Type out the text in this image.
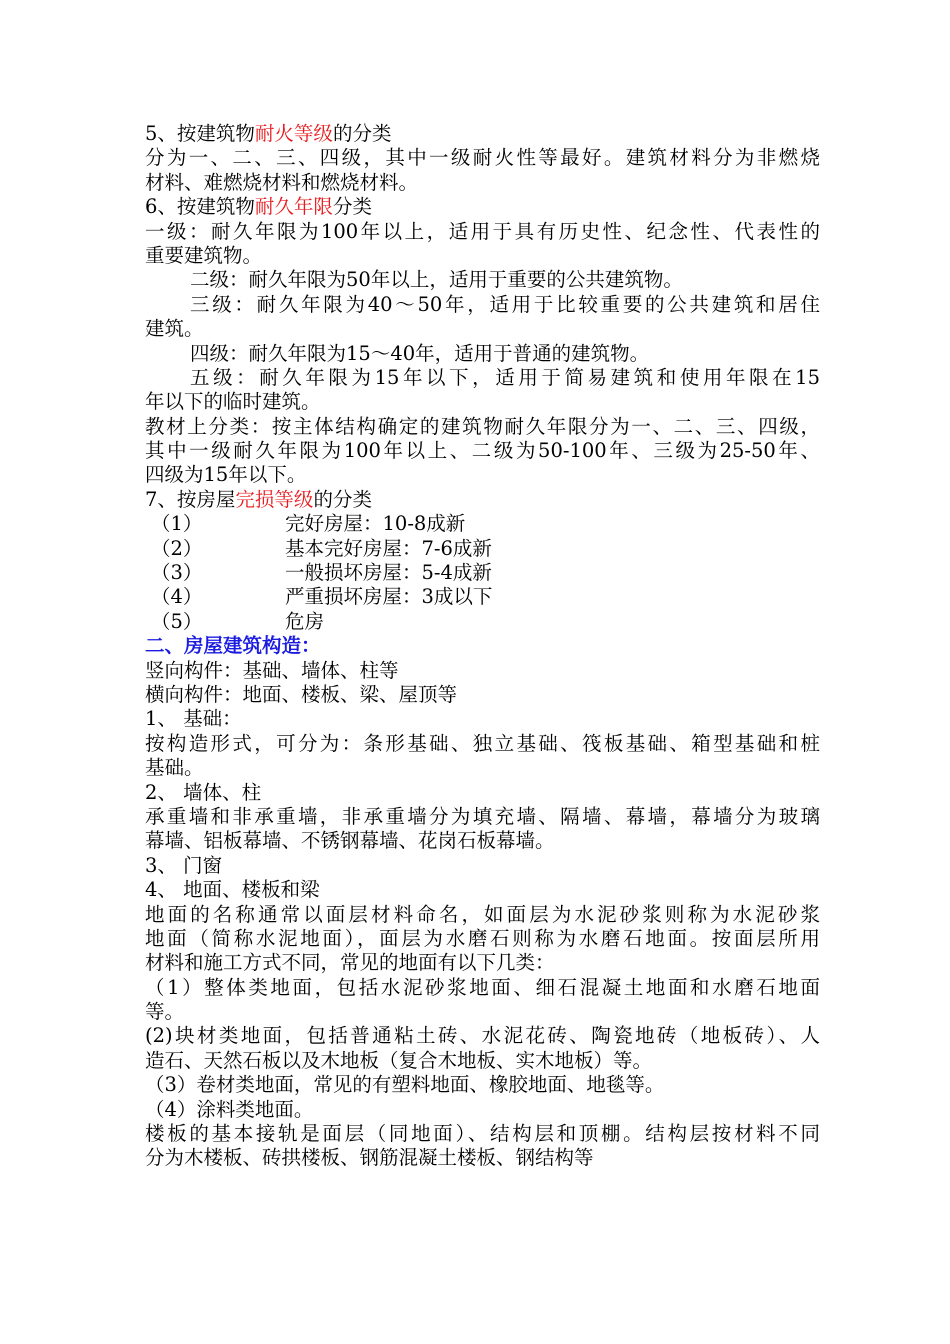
5、按建筑物耐火等级的分类
分为一、二、三、四级，其中一级耐火性等最好。建筑材料分为非燃烧
材料、难燃烧材料和燃烧材料。
6、按建筑物耐久年限分类
一级：耐久年限为100年以上，适用于具有历史性、纪念性、代表性的
重要建筑物。
二级：耐久年限为50年以上，适用于重要的公共建筑物。
三级：耐久年限为40～50年，适用于比较重要的公共建筑和居住
建筑。
四级：耐久年限为15～40年，适用于普通的建筑物。
五级：耐久年限为15年以下，适用于简易建筑和使用年限在15
年以下的临时建筑。
教材上分类：按主体结构确定的建筑物耐久年限分为一、二、三、四级，
其中一级耐久年限为100年以上、二级为50-100年、三级为25-50年、
四级为15年以下。
7、按房屋完损等级的分类
（1）	完好房屋：10-8成新
（2）	基本完好房屋：7-6成新
（3）	一般损坏房屋：5-4成新
（4）	严重损坏房屋：3成以下
（5）	危房
二、房屋建筑构造：
竖向构件：基础、墙体、柱等
横向构件：地面、楼板、梁、屋顶等
1、 基础：
按构造形式，可分为：条形基础、独立基础、筏板基础、箱型基础和桩
基础。
2、 墙体、柱
承重墙和非承重墙，非承重墙分为填充墙、隔墙、幕墙，幕墙分为玻璃
幕墙、铝板幕墙、不锈钢幕墙、花岗石板幕墙。
3、 门窗
4、 地面、楼板和梁
地面的名称通常以面层材料命名，如面层为水泥砂浆则称为水泥砂浆
地面（简称水泥地面），面层为水磨石则称为水磨石地面。按面层所用
材料和施工方式不同，常见的地面有以下几类：
（1）整体类地面，包括水泥砂浆地面、细石混凝土地面和水磨石地面
等。
(2)块材类地面，包括普通粘土砖、水泥花砖、陶瓷地砖（地板砖）、人
造石、天然石板以及木地板（复合木地板、实木地板）等。
（3）卷材类地面，常见的有塑料地面、橡胶地面、地毯等。
（4）涂料类地面。
楼板的基本接轨是面层（同地面）、结构层和顶棚。结构层按材料不同
分为木楼板、砖拱楼板、钢筋混凝土楼板、钢结构等
